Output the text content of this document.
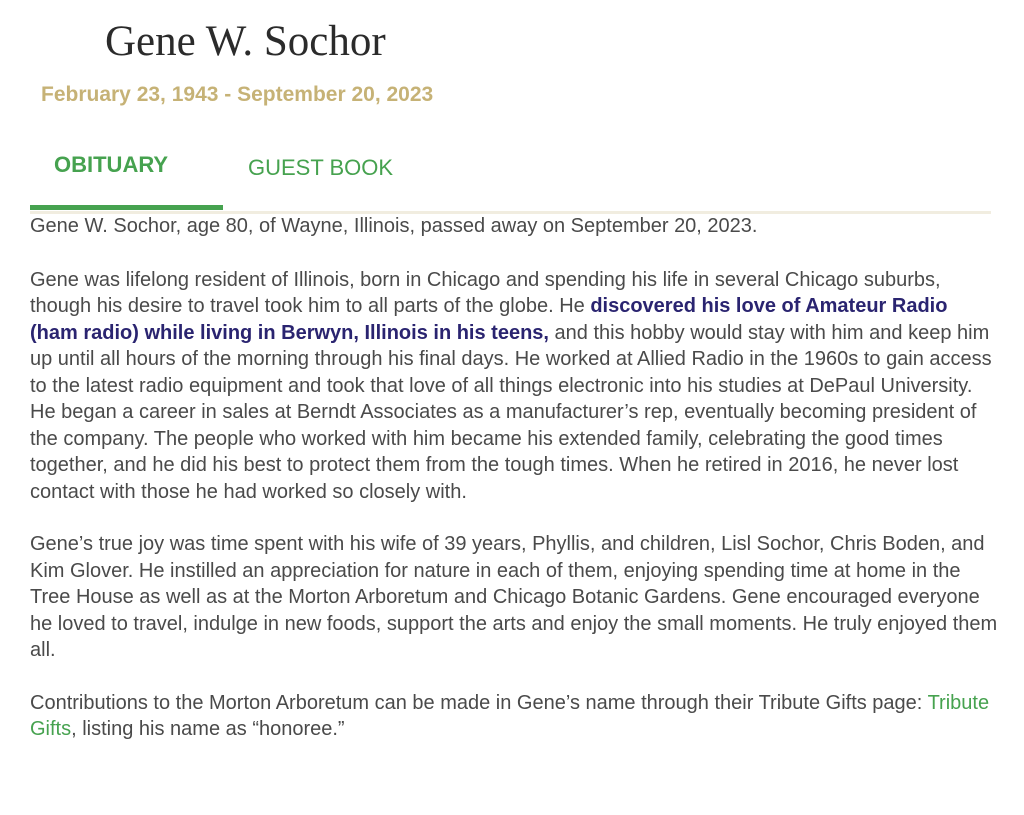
Gene W. Sochor
February 23, 1943 - September 20, 2023
OBITUARY	GUEST BOOK

Gene W. Sochor, age 80, of Wayne, Illinois, passed away on September 20, 2023.

Gene was lifelong resident of Illinois, born in Chicago and spending his life in several Chicago suburbs, though his desire to travel took him to all parts of the globe. He discovered his love of Amateur Radio (ham radio) while living in Berwyn, Illinois in his teens, and this hobby would stay with him and keep him up until all hours of the morning through his final days. He worked at Allied Radio in the 1960s to gain access to the latest radio equipment and took that love of all things electronic into his studies at DePaul University. He began a career in sales at Berndt Associates as a manufacturer’s rep, eventually becoming president of the company. The people who worked with him became his extended family, celebrating the good times together, and he did his best to protect them from the tough times. When he retired in 2016, he never lost contact with those he had worked so closely with.

Gene’s true joy was time spent with his wife of 39 years, Phyllis, and children, Lisl Sochor, Chris Boden, and Kim Glover. He instilled an appreciation for nature in each of them, enjoying spending time at home in the Tree House as well as at the Morton Arboretum and Chicago Botanic Gardens. Gene encouraged everyone he loved to travel, indulge in new foods, support the arts and enjoy the small moments. He truly enjoyed them all.

Contributions to the Morton Arboretum can be made in Gene’s name through their Tribute Gifts page: Tribute Gifts, listing his name as “honoree.”
